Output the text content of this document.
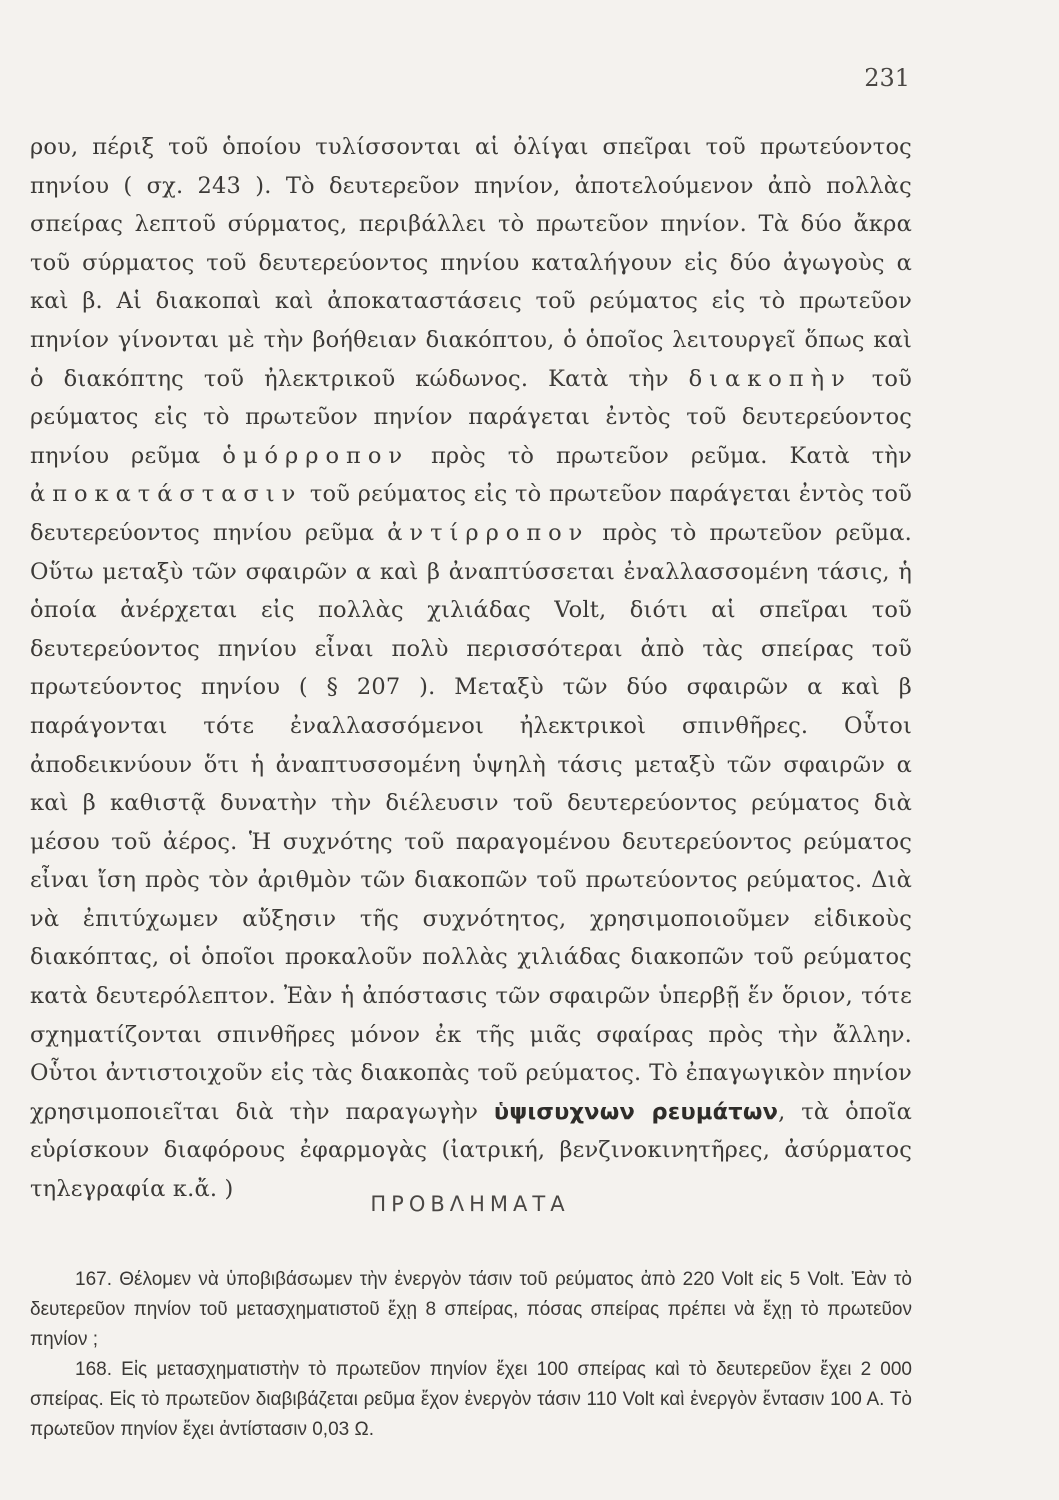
231

ρου, πέριξ τοῦ ὁποίου τυλίσσονται αἱ ὀλίγαι σπεῖραι τοῦ πρωτεύοντος πηνίου ( σχ. 243 ). Τὸ δευτερεῦον πηνίον, ἀποτελούμενον ἀπὸ πολλὰς σπείρας λεπτοῦ σύρματος, περιβάλλει τὸ πρωτεῦον πηνίον. Τὰ δύο ἄκρα τοῦ σύρματος τοῦ δευτερεύοντος πηνίου καταλήγουν εἰς δύο ἀγωγοὺς α καὶ β. Αἱ διακοπαὶ καὶ ἀποκαταστάσεις τοῦ ρεύματος εἰς τὸ πρωτεῦον πηνίον γίνονται μὲ τὴν βοήθειαν διακόπτου, ὁ ὁποῖος λειτουργεῖ ὅπως καὶ ὁ διακόπτης τοῦ ἠλεκτρικοῦ κώδωνος. Κατὰ τὴν διακοπὴν τοῦ ρεύματος εἰς τὸ πρωτεῦον πηνίον παράγεται ἐντὸς τοῦ δευτερεύοντος πηνίου ρεῦμα ὁμόρροπον πρὸς τὸ πρωτεῦον ρεῦμα. Κατὰ τὴν ἀποκατάστασιν τοῦ ρεύματος εἰς τὸ πρωτεῦον παράγεται ἐντὸς τοῦ δευτερεύοντος πηνίου ρεῦμα ἀντίρροπον πρὸς τὸ πρωτεῦον ρεῦμα. Οὕτω μεταξὺ τῶν σφαιρῶν α καὶ β ἀναπτύσσεται ἐναλλασσομένη τάσις, ἡ ὁποία ἀνέρχεται εἰς πολλὰς χιλιάδας Volt, διότι αἱ σπεῖραι τοῦ δευτερεύοντος πηνίου εἶναι πολὺ περισσότεραι ἀπὸ τὰς σπείρας τοῦ πρωτεύοντος πηνίου ( § 207 ). Μεταξὺ τῶν δύο σφαιρῶν α καὶ β παράγονται τότε ἐναλλασσόμενοι ἠλεκτρικοὶ σπινθῆρες. Οὗτοι ἀποδεικνύουν ὅτι ἡ ἀναπτυσσομένη ὑψηλὴ τάσις μεταξὺ τῶν σφαιρῶν α καὶ β καθιστᾷ δυνατὴν τὴν διέλευσιν τοῦ δευτερεύοντος ρεύματος διὰ μέσου τοῦ ἀέρος. Ἡ συχνότης τοῦ παραγομένου δευτερεύοντος ρεύματος εἶναι ἴση πρὸς τὸν ἀριθμὸν τῶν διακοπῶν τοῦ πρωτεύοντος ρεύματος. Διὰ νὰ ἐπιτύχωμεν αὔξησιν τῆς συχνότητος, χρησιμοποιοῦμεν εἰδικοὺς διακόπτας, οἱ ὁποῖοι προκαλοῦν πολλὰς χιλιάδας διακοπῶν τοῦ ρεύματος κατὰ δευτερόλεπτον. Ἐὰν ἡ ἀπόστασις τῶν σφαιρῶν ὑπερβῇ ἕν ὅριον, τότε σχηματίζονται σπινθῆρες μόνον ἐκ τῆς μιᾶς σφαίρας πρὸς τὴν ἄλλην. Οὗτοι ἀντιστοιχοῦν εἰς τὰς διακοπὰς τοῦ ρεύματος. Τὸ ἐπαγωγικὸν πηνίον χρησιμοποιεῖται διὰ τὴν παραγωγὴν ὑψισυχνων ρευμάτων, τὰ ὁποῖα εὑρίσκουν διαφόρους ἐφαρμογὰς (ἰατρική, βενζινοκινητῆρες, ἀσύρματος τηλεγραφία κ.ἄ. )

ΠΡΟΒΛΗΜΑΤΑ

167. Θέλομεν νὰ ὑποβιβάσωμεν τὴν ἐνεργὸν τάσιν τοῦ ρεύματος ἀπὸ 220 Volt εἰς 5 Volt. Ἐὰν τὸ δευτερεῦον πηνίον τοῦ μετασχηματιστοῦ ἔχῃ 8 σπείρας, πόσας σπείρας πρέπει νὰ ἔχῃ τὸ πρωτεῦον πηνίον ;

168. Εἰς μετασχηματιστὴν τὸ πρωτεῦον πηνίον ἔχει 100 σπείρας καὶ τὸ δευτερεῦον ἔχει 2 000 σπείρας. Εἰς τὸ πρωτεῦον διαβιβάζεται ρεῦμα ἔχον ἐνεργὸν τάσιν 110 Volt καὶ ἐνεργὸν ἔντασιν 100 Α. Τὸ πρωτεῦον πηνίον ἔχει ἀντίστασιν 0,03 Ω.
